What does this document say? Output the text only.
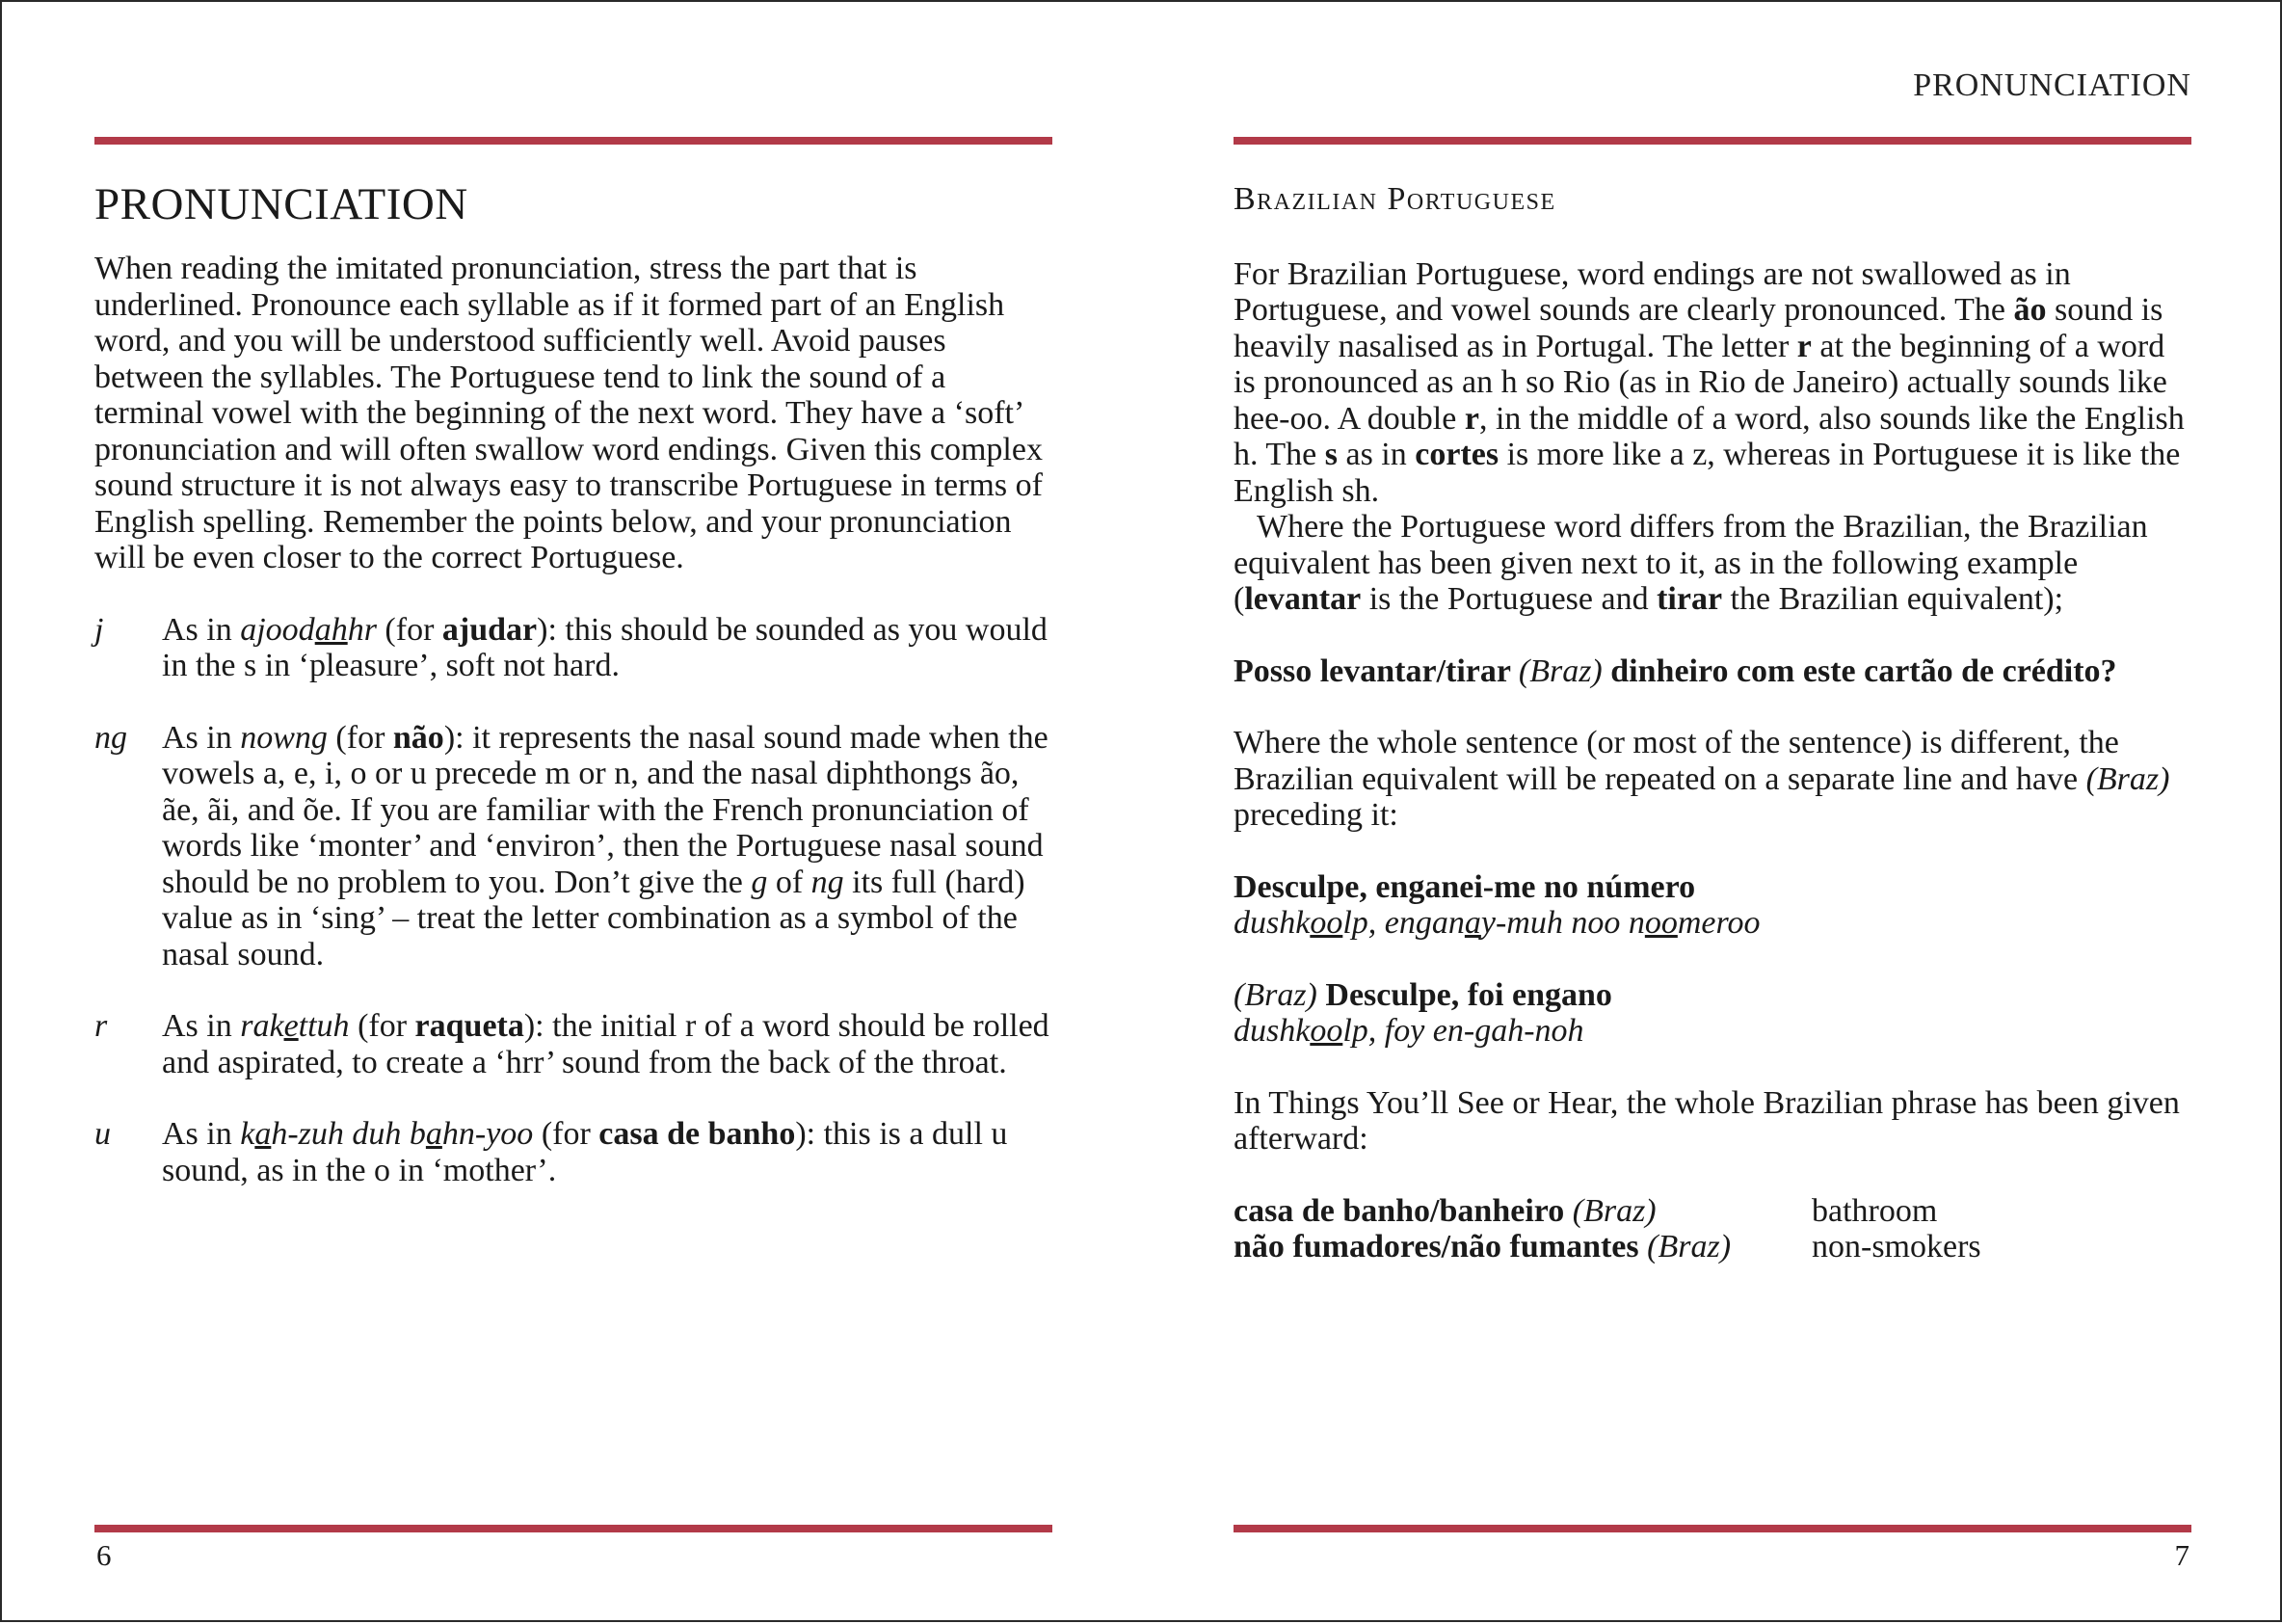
PRONUNCIATION

When reading the imitated pronunciation, stress the part that is underlined. Pronounce each syllable as if it formed part of an English word, and you will be understood sufficiently well. Avoid pauses between the syllables. The Portuguese tend to link the sound of a terminal vowel with the beginning of the next word. They have a ‘soft’ pronunciation and will often swallow word endings. Given this complex sound structure it is not always easy to transcribe Portuguese in terms of English spelling. Remember the points below, and your pronunciation will be even closer to the correct Portuguese.

j	As in ajoodahhr (for ajudar): this should be sounded as you would in the s in ‘pleasure’, soft not hard.
ng	As in nowng (for não): it represents the nasal sound made when the vowels a, e, i, o or u precede m or n, and the nasal diphthongs ão, ãe, ãi, and õe. If you are familiar with the French pronunciation of words like ‘monter’ and ‘environ’, then the Portuguese nasal sound should be no problem to you. Don’t give the g of ng its full (hard) value as in ‘sing’ – treat the letter combination as a symbol of the nasal sound.
r	As in rakettuh (for raqueta): the initial r of a word should be rolled and aspirated, to create a ‘hrr’ sound from the back of the throat.
u	As in kah-zuh duh bahn-yoo (for casa de banho): this is a dull u sound, as in the o in ‘mother’.
6
PRONUNCIATION
Brazilian Portuguese

For Brazilian Portuguese, word endings are not swallowed as in Portuguese, and vowel sounds are clearly pronounced. The ão sound is heavily nasalised as in Portugal. The letter r at the beginning of a word is pronounced as an h so Rio (as in Rio de Janeiro) actually sounds like hee-oo. A double r, in the middle of a word, also sounds like the English h. The s as in cortes is more like a z, whereas in Portuguese it is like the English sh.

Where the Portuguese word differs from the Brazilian, the Brazilian equivalent has been given next to it, as in the following example (levantar is the Portuguese and tirar the Brazilian equivalent);

Posso levantar/tirar (Braz) dinheiro com este cartão de crédito?

Where the whole sentence (or most of the sentence) is different, the Brazilian equivalent will be repeated on a separate line and have (Braz) preceding it:

Desculpe, enganei-me no número

dushkoolp, enganay-muh noo noomeroo

(Braz) Desculpe, foi engano

dushkoolp, foy en-gah-noh

In Things You’ll See or Hear, the whole Brazilian phrase has been given afterward:

casa de banho/banheiro (Braz)	bathroom
não fumadores/não fumantes (Braz)	non-smokers
7
